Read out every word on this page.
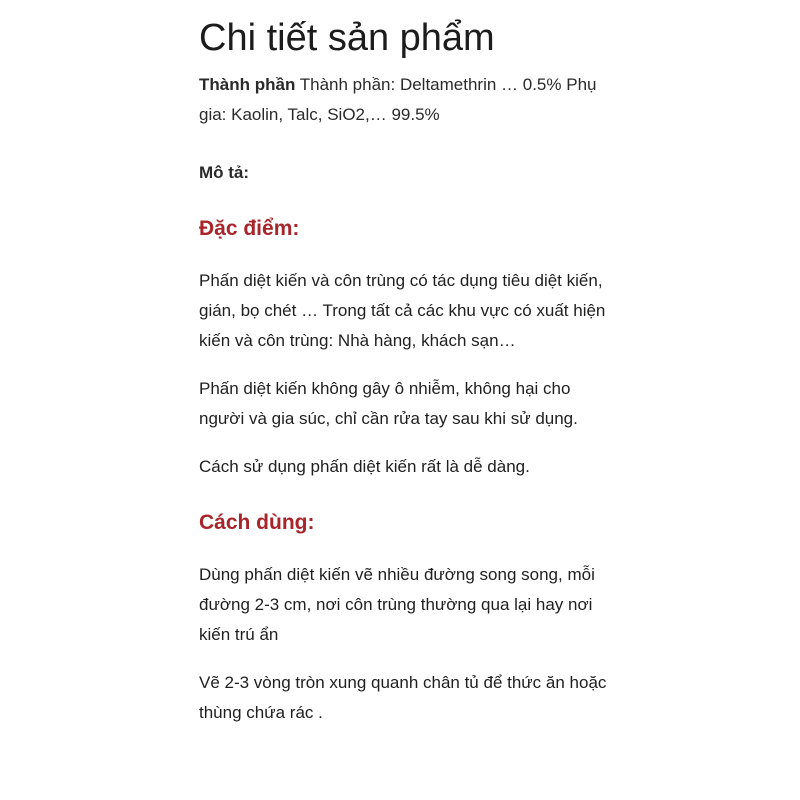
Chi tiết sản phẩm

Thành phần Thành phần: Deltamethrin … 0.5% Phụ gia: Kaolin, Talc, SiO2,… 99.5%

Mô tả:

Đặc điểm:

Phấn diệt kiến và côn trùng có tác dụng tiêu diệt kiến, gián, bọ chét … Trong tất cả các khu vực có xuất hiện kiến và côn trùng: Nhà hàng, khách sạn…

Phấn diệt kiến không gây ô nhiễm, không hại cho người và gia súc, chỉ cần rửa tay sau khi sử dụng.

Cách sử dụng phấn diệt kiến rất là dễ dàng.

Cách dùng:

Dùng phấn diệt kiến vẽ nhiều đường song song, mỗi đường 2-3 cm, nơi côn trùng thường qua lại hay nơi kiến trú ẩn

Vẽ 2-3 vòng tròn xung quanh chân tủ để thức ăn hoặc thùng chứa rác .
